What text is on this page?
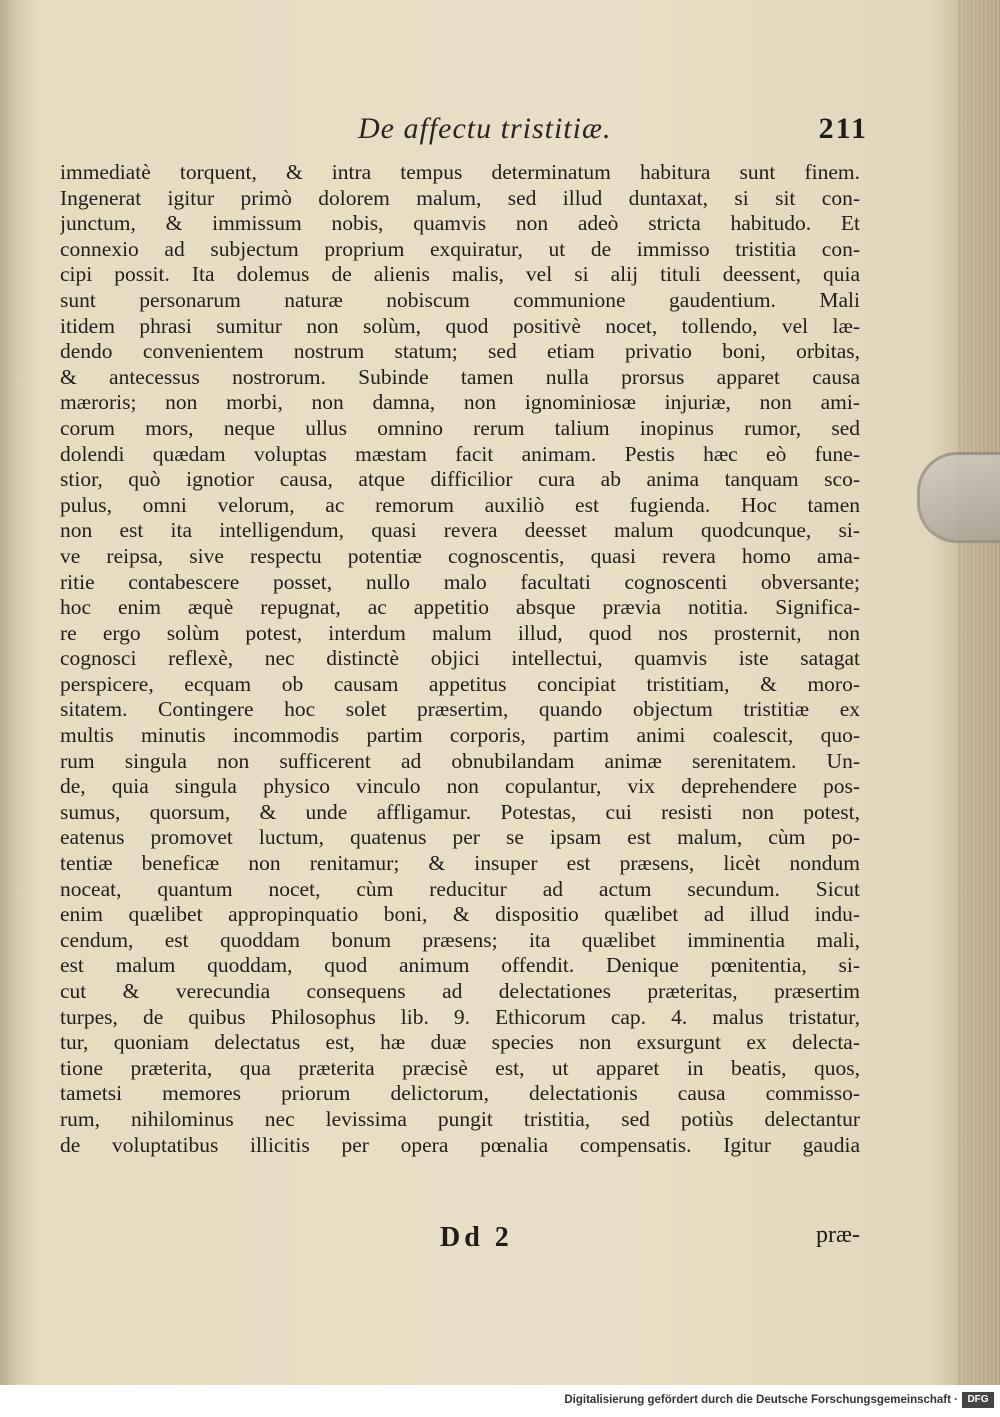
De affectu tristitiæ.	211
immediatè torquent, & intra tempus determinatum habitura sunt finem.
Ingenerat igitur primò dolorem malum, sed illud duntaxat, si sit con-
junctum, & immissum nobis, quamvis non adeò stricta habitudo. Et
connexio ad subjectum proprium exquiratur, ut de immisso tristitia con-
cipi possit. Ita dolemus de alienis malis, vel si alij tituli deessent, quia
sunt personarum naturæ nobiscum communione gaudentium. Mali
itidem phrasi sumitur non solùm, quod positivè nocet, tollendo, vel læ-
dendo convenientem nostrum statum; sed etiam privatio boni, orbitas,
& antecessus nostrorum. Subinde tamen nulla prorsus apparet causa
mæroris; non morbi, non damna, non ignominiosæ injuriæ, non ami-
corum mors, neque ullus omnino rerum talium inopinus rumor, sed
dolendi quædam voluptas mæstam facit animam. Pestis hæc eò fune-
stior, quò ignotior causa, atque difficilior cura ab anima tanquam sco-
pulus, omni velorum, ac remorum auxiliò est fugienda. Hoc tamen
non est ita intelligendum, quasi revera deesset malum quodcunque, si-
ve reipsa, sive respectu potentiæ cognoscentis, quasi revera homo ama-
ritie contabescere posset, nullo malo facultati cognoscenti obversante;
hoc enim æquè repugnat, ac appetitio absque prævia notitia. Significa-
re ergo solùm potest, interdum malum illud, quod nos prosternit, non
cognosci reflexè, nec distinctè objici intellectui, quamvis iste satagat
perspicere, ecquam ob causam appetitus concipiat tristitiam, & moro-
sitatem. Contingere hoc solet præsertim, quando objectum tristitiæ ex
multis minutis incommodis partim corporis, partim animi coalescit, quo-
rum singula non sufficerent ad obnubilandam animæ serenitatem. Un-
de, quia singula physico vinculo non copulantur, vix deprehendere pos-
sumus, quorsum, & unde affligamur. Potestas, cui resisti non potest,
eatenus promovet luctum, quatenus per se ipsam est malum, cùm po-
tentiæ beneficæ non renitamur; & insuper est præsens, licèt nondum
noceat, quantum nocet, cùm reducitur ad actum secundum. Sicut
enim quælibet appropinquatio boni, & dispositio quælibet ad illud indu-
cendum, est quoddam bonum præsens; ita quælibet imminentia mali,
est malum quoddam, quod animum offendit. Denique pœnitentia, si-
cut & verecundia consequens ad delectationes præteritas, præsertim
turpes, de quibus Philosophus lib. 9. Ethicorum cap. 4. malus tristatur,
tur, quoniam delectatus est, hæ duæ species non exsurgunt ex delecta-
tione præterita, qua præterita præcisè est, ut apparet in beatis, quos,
tametsi memores priorum delictorum, delectationis causa commisso-
rum, nihilominus nec levissima pungit tristitia, sed potiùs delectantur
de voluptatibus illicitis per opera pœnalia compensatis. Igitur gaudia
Dd 2	præ-
Digitalisierung gefördert durch die Deutsche Forschungsgemeinschaft · DFG
